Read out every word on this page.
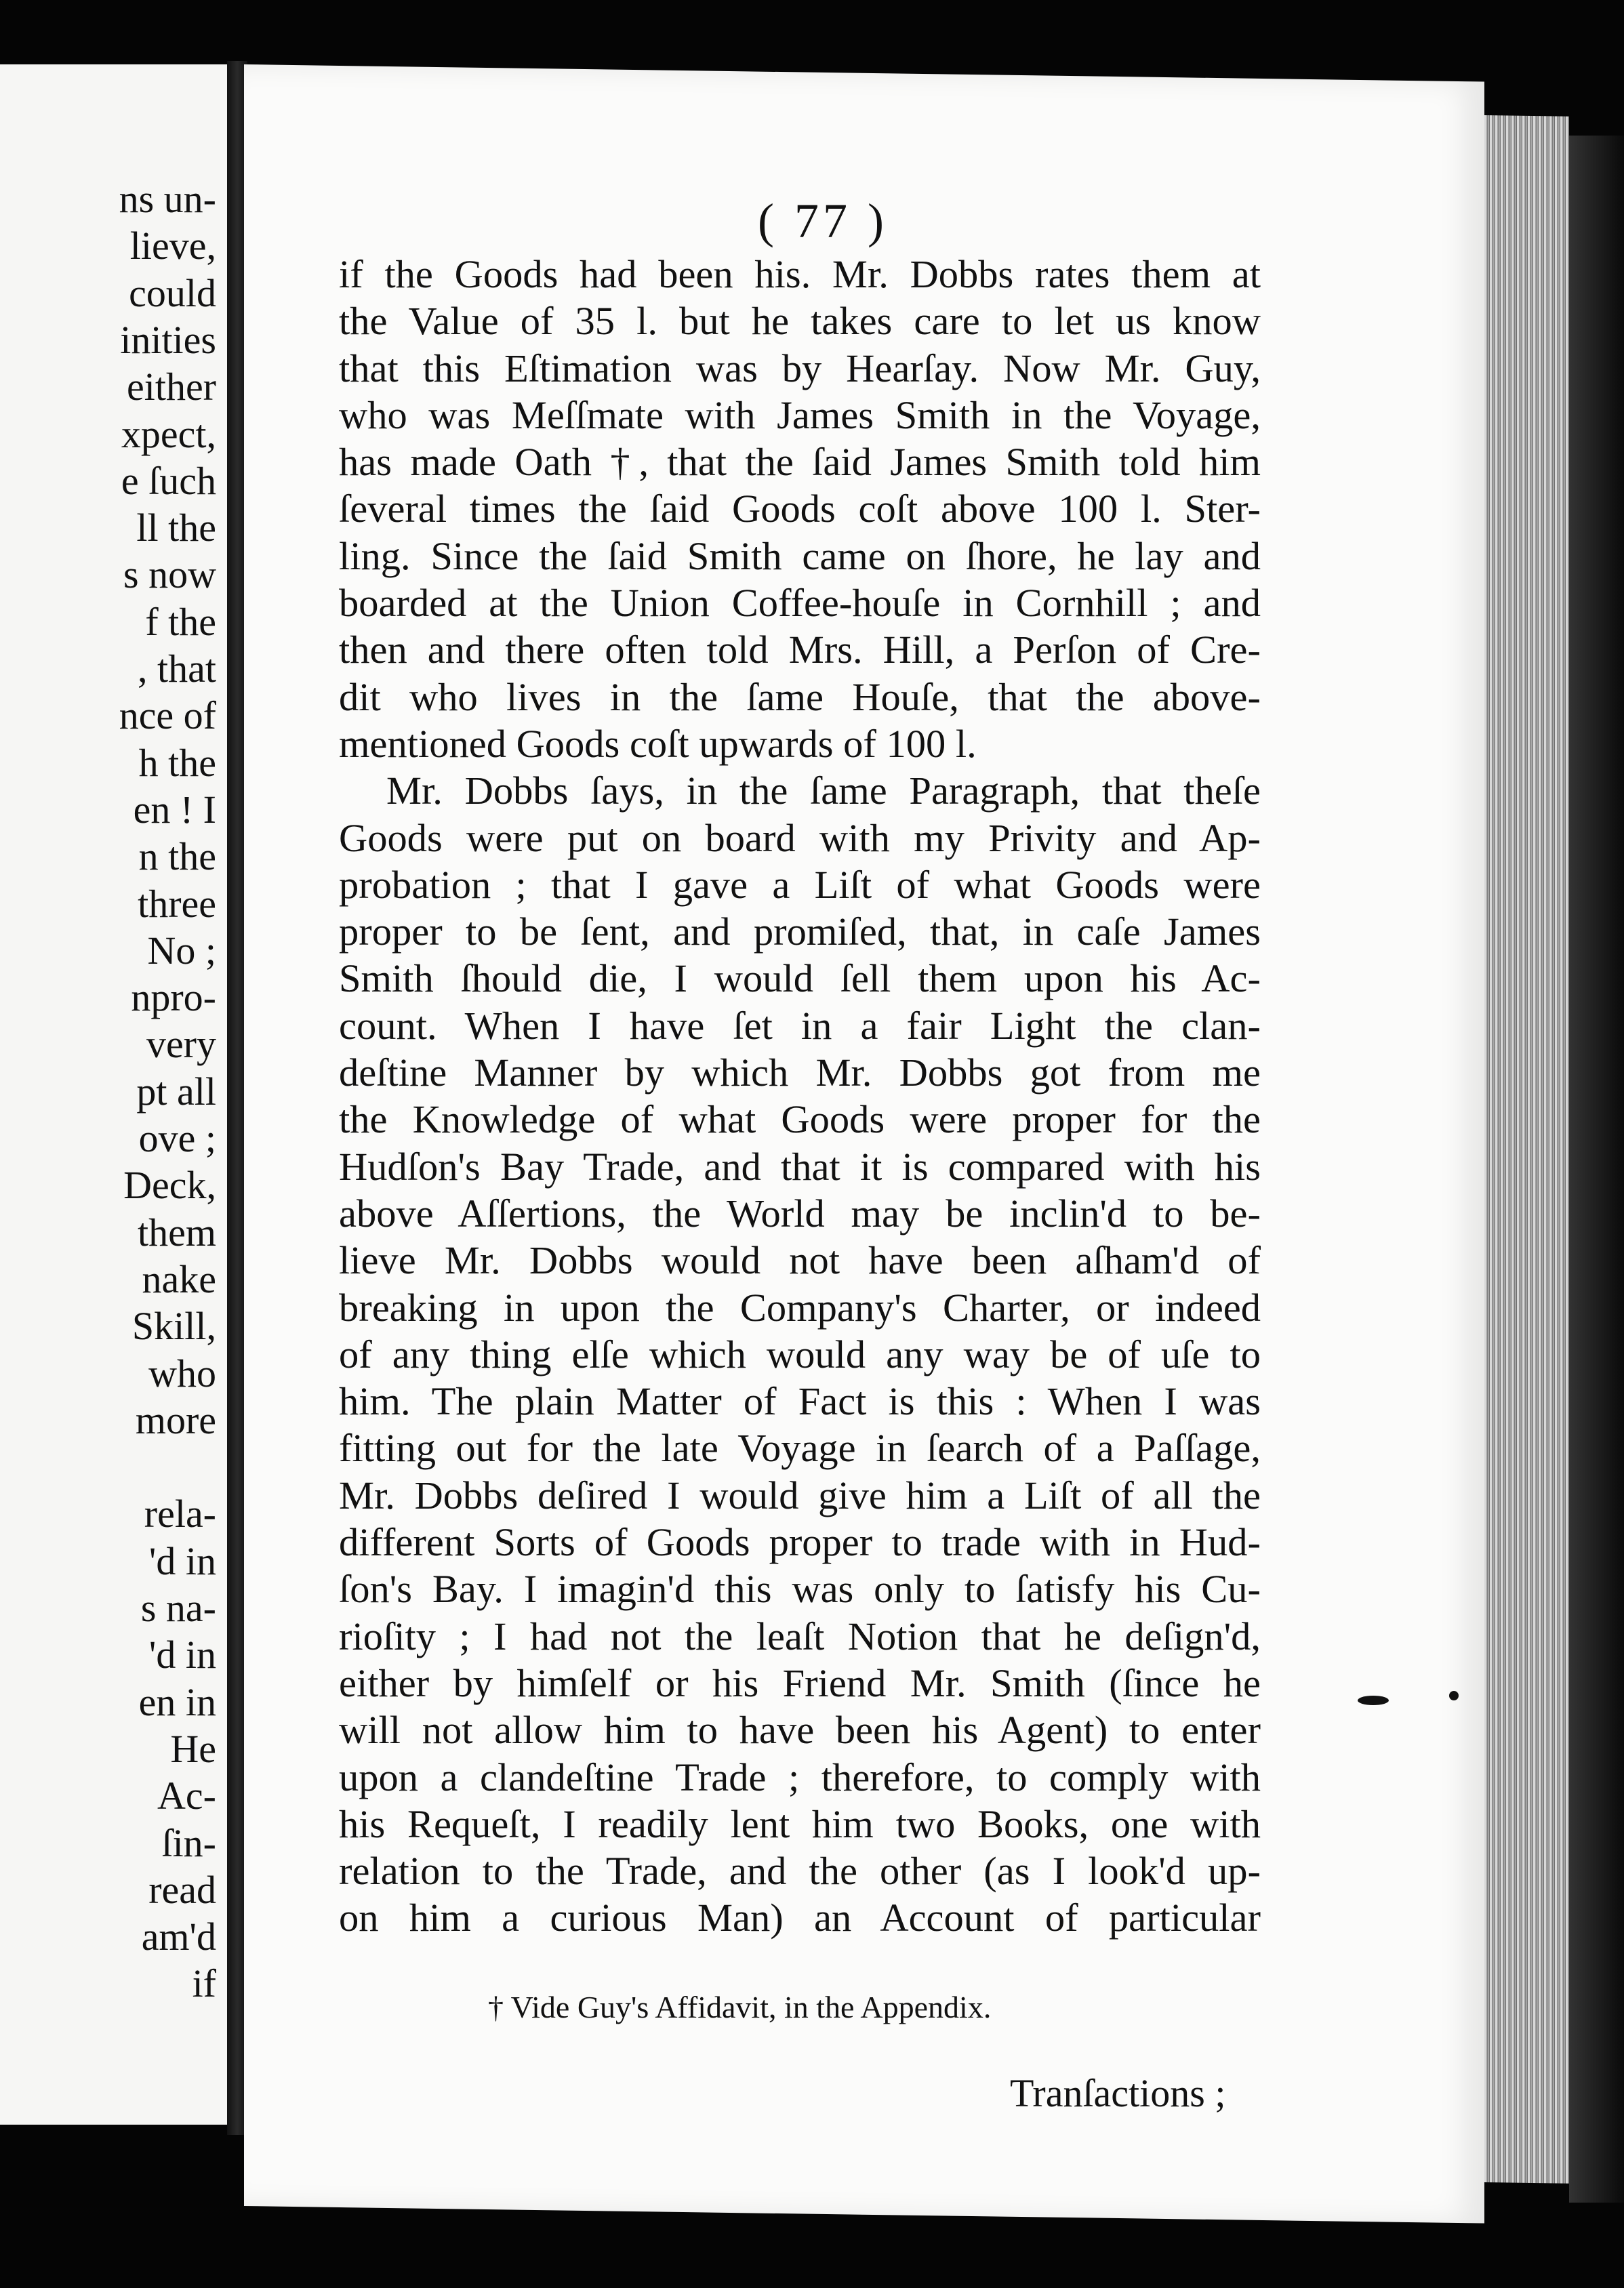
ns un-
lieve,
could
inities
either
xpect,
e ſuch
ll the
s now
f the
, that
nce of
h the
en ! I
n the
three
No ;
npro-
very
pt all
ove ;
Deck,
them
nake
Skill,
who
more
rela-
'd in
s na-
'd in
en in
He
Ac-
ſin-
read
am'd
if
( 77 )
if the Goods had been his. Mr. Dobbs rates them at
the Value of 35 l. but he takes care to let us know
that this Eſtimation was by Hearſay. Now Mr. Guy,
who was Meſſmate with James Smith in the Voyage,
has made Oath †, that the ſaid James Smith told him
ſeveral times the ſaid Goods coſt above 100 l. Ster-
ling. Since the ſaid Smith came on ſhore, he lay and
boarded at the Union Coffee-houſe in Cornhill ; and
then and there often told Mrs. Hill, a Perſon of Cre-
dit who lives in the ſame Houſe, that the above-
mentioned Goods coſt upwards of 100 l.
Mr. Dobbs ſays, in the ſame Paragraph, that theſe
Goods were put on board with my Privity and Ap-
probation ; that I gave a Liſt of what Goods were
proper to be ſent, and promiſed, that, in caſe James
Smith ſhould die, I would ſell them upon his Ac-
count. When I have ſet in a fair Light the clan-
deſtine Manner by which Mr. Dobbs got from me
the Knowledge of what Goods were proper for the
Hudſon's Bay Trade, and that it is compared with his
above Aſſertions, the World may be inclin'd to be-
lieve Mr. Dobbs would not have been aſham'd of
breaking in upon the Company's Charter, or indeed
of any thing elſe which would any way be of uſe to
him. The plain Matter of Fact is this : When I was
fitting out for the late Voyage in ſearch of a Paſſage,
Mr. Dobbs deſired I would give him a Liſt of all the
different Sorts of Goods proper to trade with in Hud-
ſon's Bay. I imagin'd this was only to ſatisfy his Cu-
rioſity ; I had not the leaſt Notion that he deſign'd,
either by himſelf or his Friend Mr. Smith (ſince he
will not allow him to have been his Agent) to enter
upon a clandeſtine Trade ; therefore, to comply with
his Requeſt, I readily lent him two Books, one with
relation to the Trade, and the other (as I look'd up-
on him a curious Man) an Account of particular
† Vide Guy's Affidavit, in the Appendix.
Tranſactions ;
